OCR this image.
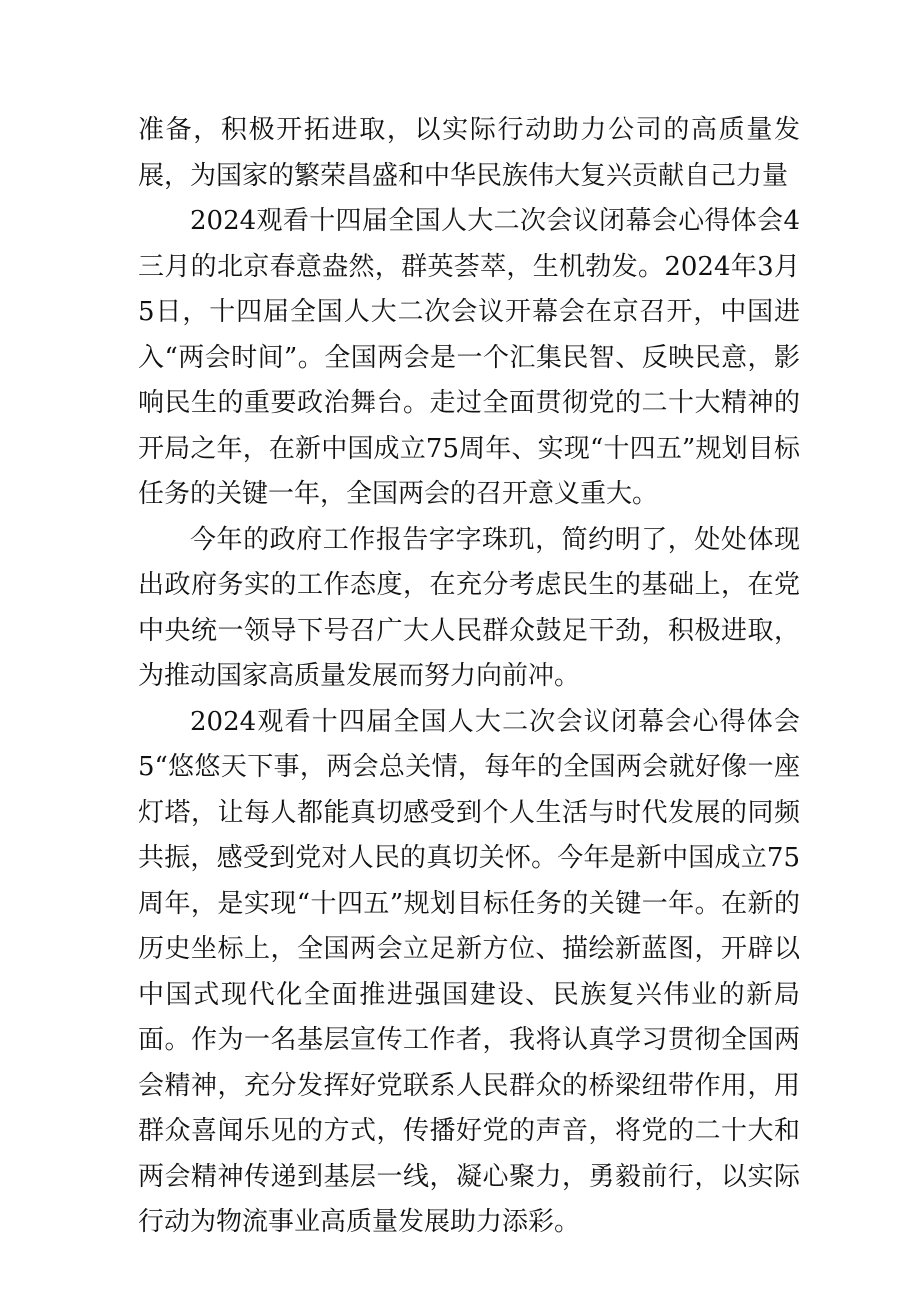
准备，积极开拓进取，以实际行动助力公司的高质量发展，为国家的繁荣昌盛和中华民族伟大复兴贡献自己力量

2024观看十四届全国人大二次会议闭幕会心得体会4三月的北京春意盎然，群英荟萃，生机勃发。2024年3月5日，十四届全国人大二次会议开幕会在京召开，中国进入“两会时间”。全国两会是一个汇集民智、反映民意，影响民生的重要政治舞台。走过全面贯彻党的二十大精神的开局之年，在新中国成立75周年、实现“十四五”规划目标任务的关键一年，全国两会的召开意义重大。

今年的政府工作报告字字珠玑，简约明了，处处体现出政府务实的工作态度，在充分考虑民生的基础上，在党中央统一领导下号召广大人民群众鼓足干劲，积极进取，为推动国家高质量发展而努力向前冲。

2024观看十四届全国人大二次会议闭幕会心得体会5“悠悠天下事，两会总关情，每年的全国两会就好像一座灯塔，让每人都能真切感受到个人生活与时代发展的同频共振，感受到党对人民的真切关怀。今年是新中国成立75周年，是实现“十四五”规划目标任务的关键一年。在新的历史坐标上，全国两会立足新方位、描绘新蓝图，开辟以中国式现代化全面推进强国建设、民族复兴伟业的新局面。作为一名基层宣传工作者，我将认真学习贯彻全国两会精神，充分发挥好党联系人民群众的桥梁纽带作用，用群众喜闻乐见的方式，传播好党的声音，将党的二十大和两会精神传递到基层一线，凝心聚力，勇毅前行，以实际行动为物流事业高质量发展助力添彩。
